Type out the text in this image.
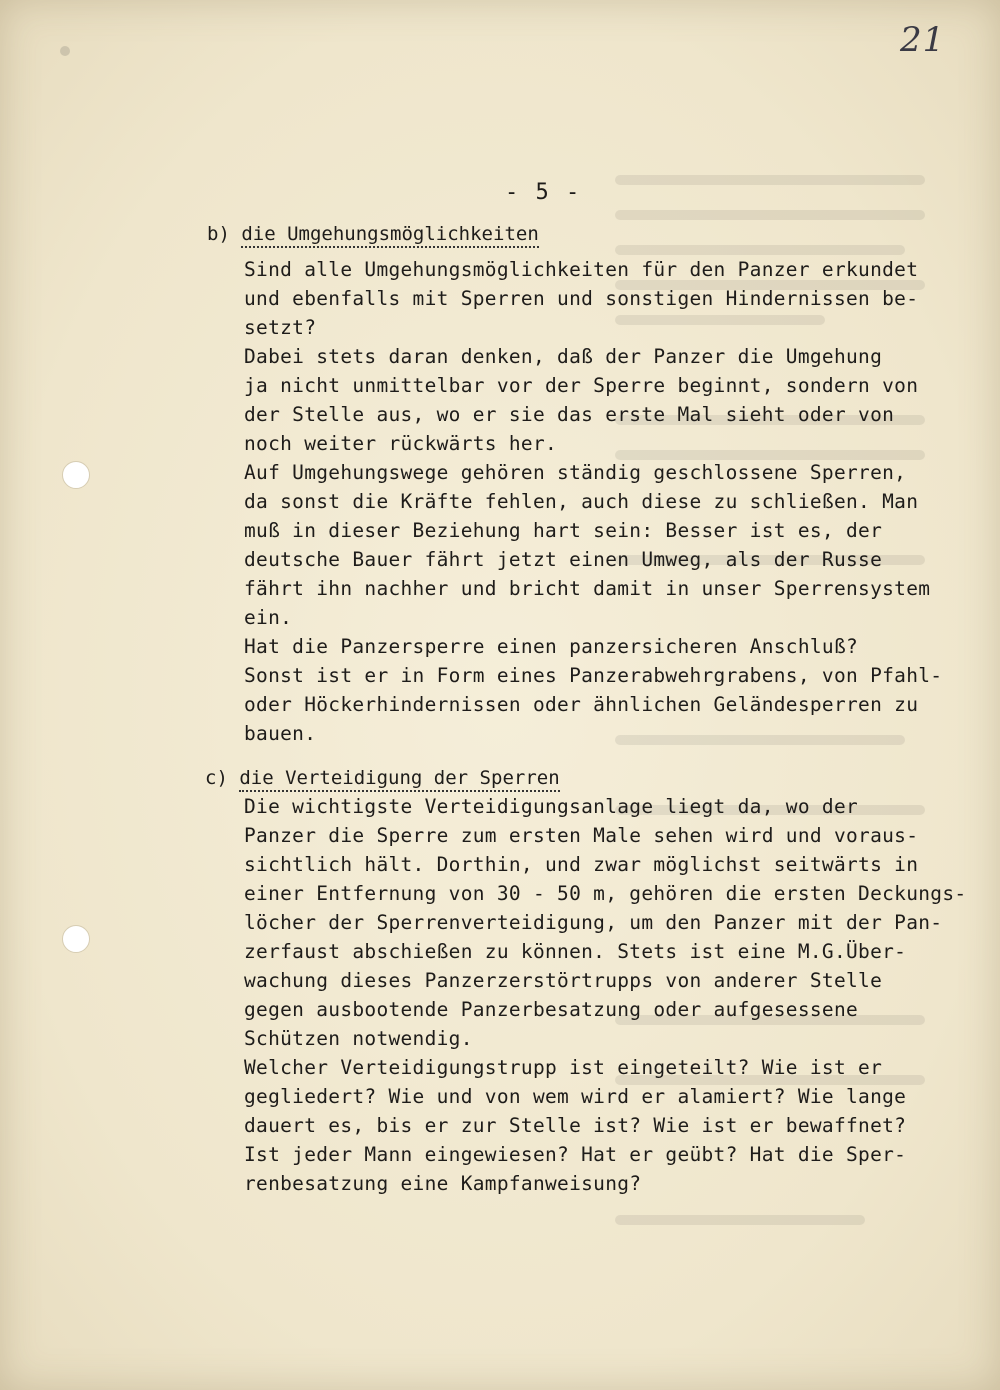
21
- 5 -
b) die Umgehungsmöglichkeiten
Sind alle Umgehungsmöglichkeiten für den Panzer erkundet
und ebenfalls mit Sperren und sonstigen Hindernissen be-
setzt?
Dabei stets daran denken, daß der Panzer die Umgehung
ja nicht unmittelbar vor der Sperre beginnt, sondern von
der Stelle aus, wo er sie das erste Mal sieht oder von
noch weiter rückwärts her.
Auf Umgehungswege gehören ständig geschlossene Sperren,
da sonst die Kräfte fehlen, auch diese zu schließen. Man
muß in dieser Beziehung hart sein: Besser ist es, der
deutsche Bauer fährt jetzt einen Umweg, als der Russe
fährt ihn nachher und bricht damit in unser Sperrensystem
ein.
Hat die Panzersperre einen panzersicheren Anschluß?
Sonst ist er in Form eines Panzerabwehrgrabens, von Pfahl-
oder Höckerhindernissen oder ähnlichen Geländesperren zu
bauen.
c) die Verteidigung der Sperren
Die wichtigste Verteidigungsanlage liegt da, wo der
Panzer die Sperre zum ersten Male sehen wird und voraus-
sichtlich hält. Dorthin, und zwar möglichst seitwärts in
einer Entfernung von 30 - 50 m, gehören die ersten Deckungs-
löcher der Sperrenverteidigung, um den Panzer mit der Pan-
zerfaust abschießen zu können. Stets ist eine M.G.Über-
wachung dieses Panzerzerstörtrupps von anderer Stelle
gegen ausbootende Panzerbesatzung oder aufgesessene
Schützen notwendig.
Welcher Verteidigungstrupp ist eingeteilt? Wie ist er
gegliedert? Wie und von wem wird er alamiert? Wie lange
dauert es, bis er zur Stelle ist? Wie ist er bewaffnet?
Ist jeder Mann eingewiesen? Hat er geübt? Hat die Sper-
renbesatzung eine Kampfanweisung?
